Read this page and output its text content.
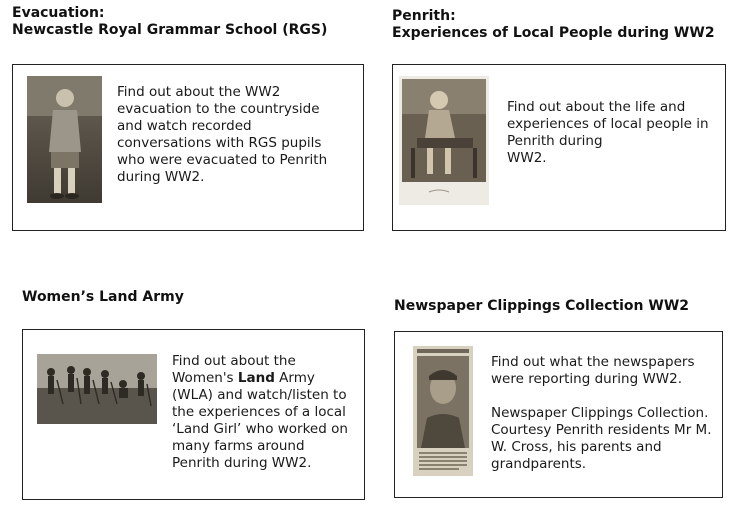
Evacuation:
Newcastle Royal Grammar School (RGS)
Find out about the WW2 evacuation to the countryside and watch recorded conversations with RGS pupils who were evacuated to Penrith during WW2.
Penrith:
Experiences of Local People during WW2

Find out about the life and experiences of local people in Penrith during

WW2.

Women’s Land Army
Find out about the Women's Land Army (WLA) and watch/listen to the experiences of a local ‘Land Girl’ who worked on many farms around Penrith during WW2.
Newspaper Clippings Collection WW2

Find out what the newspapers were reporting during WW2.

Newspaper Clippings Collection. Courtesy Penrith residents Mr M. W. Cross, his parents and grandparents.
